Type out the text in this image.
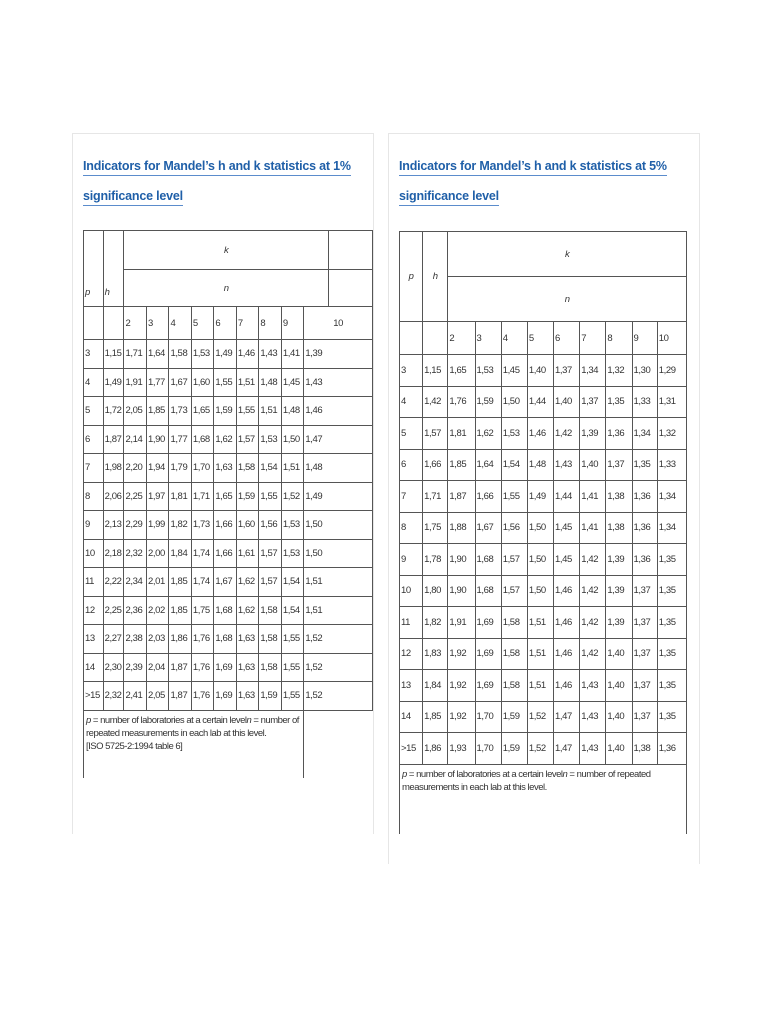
Indicators for Mandel’s h and k statistics at 1%
significance level
p	h	k									
		n									
		2	3	4	5	6	7	8	9	10	
3	1,15	1,71	1,64	1,58	1,53	1,49	1,46	1,43	1,41	1,39	
4	1,49	1,91	1,77	1,67	1,60	1,55	1,51	1,48	1,45	1,43	
5	1,72	2,05	1,85	1,73	1,65	1,59	1,55	1,51	1,48	1,46	
6	1,87	2,14	1,90	1,77	1,68	1,62	1,57	1,53	1,50	1,47	
7	1,98	2,20	1,94	1,79	1,70	1,63	1,58	1,54	1,51	1,48	
8	2,06	2,25	1,97	1,81	1,71	1,65	1,59	1,55	1,52	1,49	
9	2,13	2,29	1,99	1,82	1,73	1,66	1,60	1,56	1,53	1,50	
10	2,18	2,32	2,00	1,84	1,74	1,66	1,61	1,57	1,53	1,50	
11	2,22	2,34	2,01	1,85	1,74	1,67	1,62	1,57	1,54	1,51	
12	2,25	2,36	2,02	1,85	1,75	1,68	1,62	1,58	1,54	1,51	
13	2,27	2,38	2,03	1,86	1,76	1,68	1,63	1,58	1,55	1,52	
14	2,30	2,39	2,04	1,87	1,76	1,69	1,63	1,58	1,55	1,52	
>15	2,32	2,41	2,05	1,87	1,76	1,69	1,63	1,59	1,55	1,52	
p = number of laboratories at a certain leveln = number of repeated measurements in each lab at this level.
[ISO 5725-2:1994 table 6]											
Indicators for Mandel’s h and k statistics at 5%
significance level
p	h	k								
		n								
		2	3	4	5	6	7	8	9	10
3	1,15	1,65	1,53	1,45	1,40	1,37	1,34	1,32	1,30	1,29
4	1,42	1,76	1,59	1,50	1,44	1,40	1,37	1,35	1,33	1,31
5	1,57	1,81	1,62	1,53	1,46	1,42	1,39	1,36	1,34	1,32
6	1,66	1,85	1,64	1,54	1,48	1,43	1,40	1,37	1,35	1,33
7	1,71	1,87	1,66	1,55	1,49	1,44	1,41	1,38	1,36	1,34
8	1,75	1,88	1,67	1,56	1,50	1,45	1,41	1,38	1,36	1,34
9	1,78	1,90	1,68	1,57	1,50	1,45	1,42	1,39	1,36	1,35
10	1,80	1,90	1,68	1,57	1,50	1,46	1,42	1,39	1,37	1,35
11	1,82	1,91	1,69	1,58	1,51	1,46	1,42	1,39	1,37	1,35
12	1,83	1,92	1,69	1,58	1,51	1,46	1,42	1,40	1,37	1,35
13	1,84	1,92	1,69	1,58	1,51	1,46	1,43	1,40	1,37	1,35
14	1,85	1,92	1,70	1,59	1,52	1,47	1,43	1,40	1,37	1,35
>15	1,86	1,93	1,70	1,59	1,52	1,47	1,43	1,40	1,38	1,36
p = number of laboratories at a certain leveln = number of repeated measurements in each lab at this level.										
